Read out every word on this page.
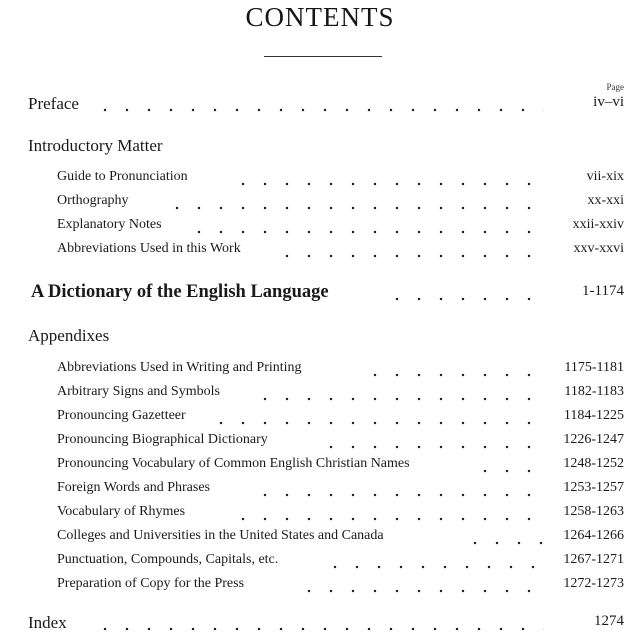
CONTENTS
Page
Preface	iv–vi
Introductory Matter
Guide to Pronunciation	vii-xix
Orthography	xx-xxi
Explanatory Notes	xxii-xxiv
Abbreviations Used in this Work	xxv-xxvi
A Dictionary of the English Language	1-1174
Appendixes
Abbreviations Used in Writing and Printing	1175-1181
Arbitrary Signs and Symbols	1182-1183
Pronouncing Gazetteer	1184-1225
Pronouncing Biographical Dictionary	1226-1247
Pronouncing Vocabulary of Common English Christian Names	1248-1252
Foreign Words and Phrases	1253-1257
Vocabulary of Rhymes	1258-1263
Colleges and Universities in the United States and Canada	1264-1266
Punctuation, Compounds, Capitals, etc.	1267-1271
Preparation of Copy for the Press	1272-1273
Index	1274
